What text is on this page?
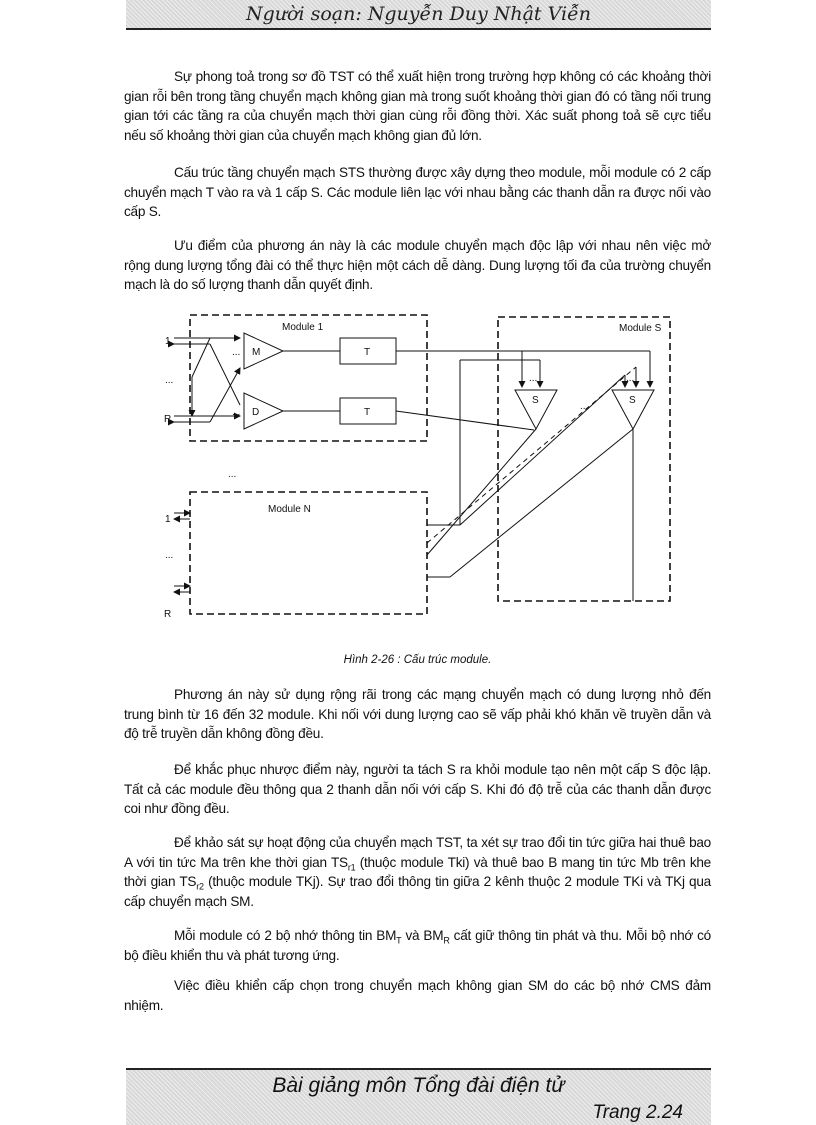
Người soạn: Nguyễn Duy Nhật Viễn

Sự phong toả trong sơ đồ TST có thể xuất hiện trong trường hợp không có các khoảng thời gian rỗi bên trong tầng chuyển mạch không gian mà trong suốt khoảng thời gian đó có tầng nối trung gian tới các tầng ra của chuyển mạch thời gian cùng rỗi đồng thời. Xác suất phong toả sẽ cực tiểu nếu số khoảng thời gian của chuyển mạch không gian đủ lớn.

Cấu trúc tầng chuyển mạch STS thường được xây dựng theo module, mỗi module có 2 cấp chuyển mạch T vào ra và 1 cấp S. Các module liên lạc với nhau bằng các thanh dẫn ra được nối vào cấp S.

Ưu điểm của phương án này là các module chuyển mạch độc lập với nhau nên việc mở rộng dung lượng tổng đài có thể thực hiện một cách dễ dàng. Dung lượng tối đa của trường chuyển mạch là do số lượng thanh dẫn quyết định.

Module 1	Module S
Module N
M
D
T
T
S	S
...
...
...	...
...
...
1
...
R
1
...
R
Hình 2-26 : Cấu trúc module.

Phương án này sử dụng rộng rãi trong các mạng chuyển mạch có dung lượng nhỏ đến trung bình từ 16 đến 32 module. Khi nối với dung lượng cao sẽ vấp phải khó khăn về truyền dẫn và độ trễ truyền dẫn không đồng đều.

Để khắc phục nhược điểm này, người ta tách S ra khỏi module tạo nên một cấp S độc lập. Tất cả các module đều thông qua 2 thanh dẫn nối với cấp S. Khi đó độ trễ của các thanh dẫn được coi như đồng đều.

Để khảo sát sự hoạt động của chuyển mạch TST, ta xét sự trao đổi tin tức giữa hai thuê bao A với tin tức Ma trên khe thời gian $TS_{r1}$ (thuộc module Tki) và thuê bao B mang tin tức Mb trên khe thời gian $TS_{r2}$ (thuộc module TKj). Sự trao đổi thông tin giữa 2 kênh thuộc 2 module TKi và TKj qua cấp chuyển mạch SM.

Mỗi module có 2 bộ nhớ thông tin $BM_T$ và $BM_R$ cất giữ thông tin phát và thu. Mỗi bộ nhớ có bộ điều khiển thu và phát tương ứng.

Việc điều khiển cấp chọn trong chuyển mạch không gian SM do các bộ nhớ CMS đảm nhiệm.

Bài giảng môn Tổng đài điện tử
Trang 2.24
